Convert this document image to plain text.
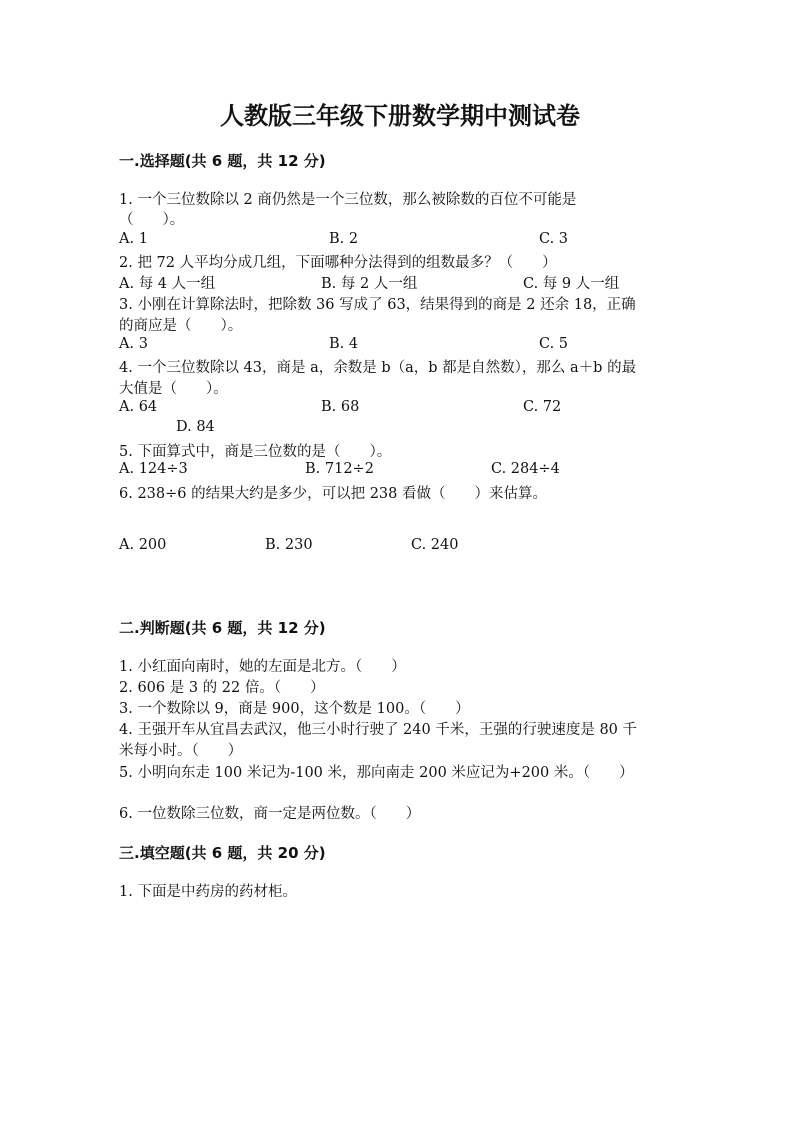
人教版三年级下册数学期中测试卷
一.选择题(共 6 题，共 12 分)
1. 一个三位数除以 2 商仍然是一个三位数，那么被除数的百位不可能是
（　　）。
A. 1	B. 2	C. 3
2. 把 72 人平均分成几组，下面哪种分法得到的组数最多？（　　）
A. 每 4 人一组	B. 每 2 人一组	C. 每 9 人一组
3. 小刚在计算除法时，把除数 36 写成了 63，结果得到的商是 2 还余 18，正确
的商应是（　　）。
A. 3	B. 4	C. 5
4. 一个三位数除以 43，商是 a，余数是 b（a，b 都是自然数），那么 a＋b 的最
大值是（　　）。
A. 64	B. 68	C. 72
D. 84
5. 下面算式中，商是三位数的是（　　）。
A. 124÷3	B. 712÷2	C. 284÷4
6. 238÷6 的结果大约是多少，可以把 238 看做（　　）来估算。
A. 200	B. 230	C. 240
二.判断题(共 6 题，共 12 分)
1. 小红面向南时，她的左面是北方。（　　）
2. 606 是 3 的 22 倍。（　　）
3. 一个数除以 9，商是 900，这个数是 100。（　　）
4. 王强开车从宜昌去武汉，他三小时行驶了 240 千米，王强的行驶速度是 80 千
米每小时。（　　）
5. 小明向东走 100 米记为-100 米，那向南走 200 米应记为+200 米。（　　）
6. 一位数除三位数，商一定是两位数。（　　）
三.填空题(共 6 题，共 20 分)
1. 下面是中药房的药材柜。
